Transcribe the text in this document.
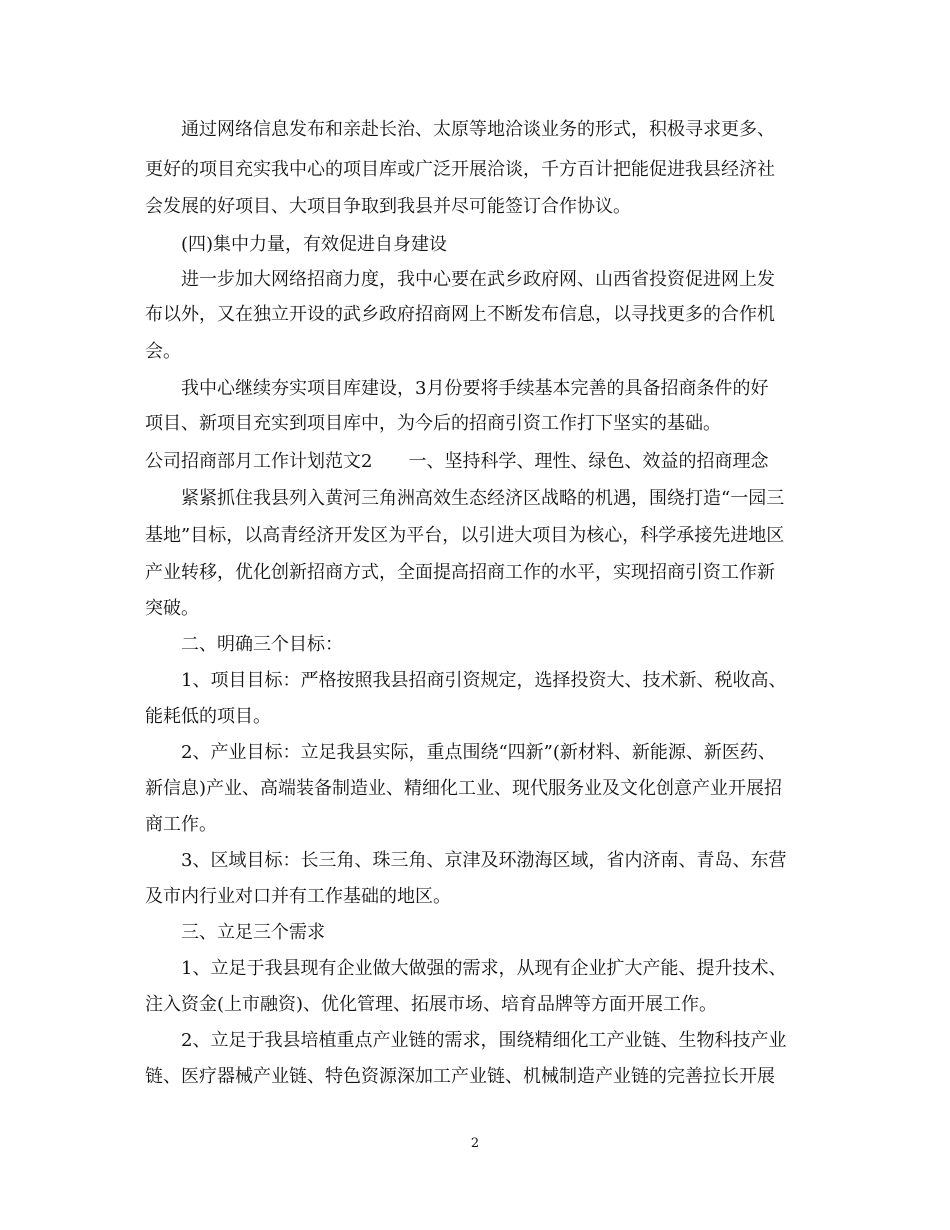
通过网络信息发布和亲赴长治、太原等地洽谈业务的形式，积极寻求更多、
更好的项目充实我中心的项目库或广泛开展洽谈，千方百计把能促进我县经济社
会发展的好项目、大项目争取到我县并尽可能签订合作协议。
(四)集中力量，有效促进自身建设
进一步加大网络招商力度，我中心要在武乡政府网、山西省投资促进网上发
布以外，又在独立开设的武乡政府招商网上不断发布信息，以寻找更多的合作机
会。
我中心继续夯实项目库建设，3月份要将手续基本完善的具备招商条件的好
项目、新项目充实到项目库中，为今后的招商引资工作打下坚实的基础。
公司招商部月工作计划范文2　　一、坚持科学、理性、绿色、效益的招商理念
紧紧抓住我县列入黄河三角洲高效生态经济区战略的机遇，围绕打造“一园三
基地”目标，以高青经济开发区为平台，以引进大项目为核心，科学承接先进地区
产业转移，优化创新招商方式，全面提高招商工作的水平，实现招商引资工作新
突破。
二、明确三个目标：
1、项目目标：严格按照我县招商引资规定，选择投资大、技术新、税收高、
能耗低的项目。
2、产业目标：立足我县实际，重点围绕“四新”(新材料、新能源、新医药、
新信息)产业、高端装备制造业、精细化工业、现代服务业及文化创意产业开展招
商工作。
3、区域目标：长三角、珠三角、京津及环渤海区域，省内济南、青岛、东营
及市内行业对口并有工作基础的地区。
三、立足三个需求
1、立足于我县现有企业做大做强的需求，从现有企业扩大产能、提升技术、
注入资金(上市融资)、优化管理、拓展市场、培育品牌等方面开展工作。
2、立足于我县培植重点产业链的需求，围绕精细化工产业链、生物科技产业
链、医疗器械产业链、特色资源深加工产业链、机械制造产业链的完善拉长开展
2
